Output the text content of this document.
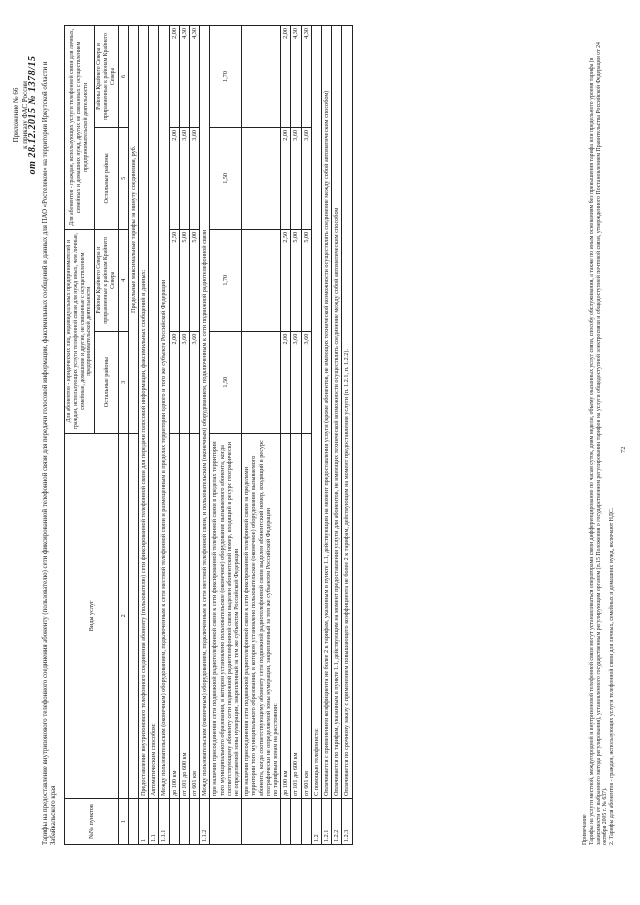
Приложение № 66 к приказу ФАС России
от 28.12.2015 № 1378/15 Тарифы на предоставление внутризонового телефонного соединения абоненту (пользователю) сети фиксированной телефонной связи для передачи голосовой информации, факсимильных сообщений и данных для ПАО «Ростелеком» на территории Иркутской области и Забайкальского края	№№ пунктов	Виды услуг	Для абонентов - юридических лиц, индивидуальных предпринимателей и граждан, использующих услуги телефонной связи для нужд иных, чем личные, семейные, домашние и другие, не связанные с осуществлением предпринимательской деятельности		Для абонентов - граждан, использующих услуги телефонной связи для личных, семейных и домашних нужд, других не связанных с осуществлением предпринимательской деятельности	
		Остальные районы	Районы Крайнего Севера и приравненные к районам Крайнего Севера	Остальные районы	Районы Крайнего Севера и приравненные к районам Крайнего Севера
1	2	3	4	5	6
		Предельные максимальные тарифы за минуту соединения, руб.			
1	Предоставление внутризонового телефонного соединения абоненту (пользователю) сети фиксированной телефонной связи для передачи голосовой информации, факсимильных сообщений и данных:				
1.1	Автоматическим способом:				
1.1.1	Между пользовательским (оконечным) оборудованием, подключенным к сети местной телефонной связи и размещенным в пределах территории одного и того же субъекта Российской Федерации				
	до 100 км	2,00	2,50	2,00	2,00
	от 101 до 600 км	3,60	5,00	3,60	4,30
	от 601 км	3,60	5,00	3,60	4,30
1.1.2	Между пользовательским (оконечным) оборудованием, подключенным к сети местной телефонной связи, и пользовательским (оконечным) оборудованием, подключенным к сети подвижной радиотелефонной связи				
	при наличии присоединения сети подвижной радиотелефонной связи к сети фиксированной телефонной связи в пределах территории того муниципального образования, в котором установлено пользовательское (оконечное) оборудование вызываемого абонента, когда соответствующему абоненту сети подвижной радиотелефонной связи выделен абонентский номер, входящий в ресурс географически не определяемой зоны нумерации, закрепленный за тем же субъектом Российской Федерации	1,50	1,70	1,50	1,70

	при наличии присоединения сети подвижной радиотелефонной связи к сети фиксированной телефонной связи за пределами территории того муниципального образования, в котором установлено пользовательское (оконечное) оборудование вызываемого абонента, когда соответствующему абоненту сети подвижной радиотелефонной связи выделен абонентский номер, входящий в ресурс географически не определяемой зоны нумерации, закрепленный за тем же субъектом Российской Федерации по тарифным зонам на расстоянии:				

	до 100 км	2,00	2,50	2,00	2,00
	от 101 до 600 км	3,60	5,00	3,60	4,30
	от 601 км	3,60	5,00	3,60	4,30
1.2	С помощью телефониста:				
1.2.1	Оплачивается с применением коэффициента не более 2 к тарифам, указанным в пункте 1.1, действующим на момент предоставления услуги (кроме абонентов, не имеющих технической возможности осуществлять соединение между собой автоматическим способом)				
1.2.2	Оплачивается по тарифам, указанным в пункте 1.1, действующим на момент предоставления услуги для абонентов, не имеющих технической возможности осуществлять соединение между собой автоматическим способом				
1.2.3	Оплачивается по срочному заказу с применением повышающего коэффициента не более 2 к тарифам, действующим на момент предоставления услуги (п. 1.2.1, п. 1.2.2).				
Примечание Тарифы на услуги местной, междугородной и внутризоновой телефонной связи могут устанавливаться операторами связи дифференцированно по часам суток, дням недели, объему оказанных услуг связи, способу обслуживания, а также по иным основаниям без превышения тарифа или предельного уровня тарифа (в зависимости от выбранного метода регулирования), установленного государственным регулирующим органом (п.15 Положения о государственном регулировании тарифов на услуги общедоступной электросвязи и общедоступной почтовой связи, утвержденного Постановлением Правительства Российской Федерации от 24 октября 2005 г. № 637). 2. Тарифы для абонентов - граждан, использующих услуги телефонной связи для личных, семейных и домашних нужд, включают НДС.
72
